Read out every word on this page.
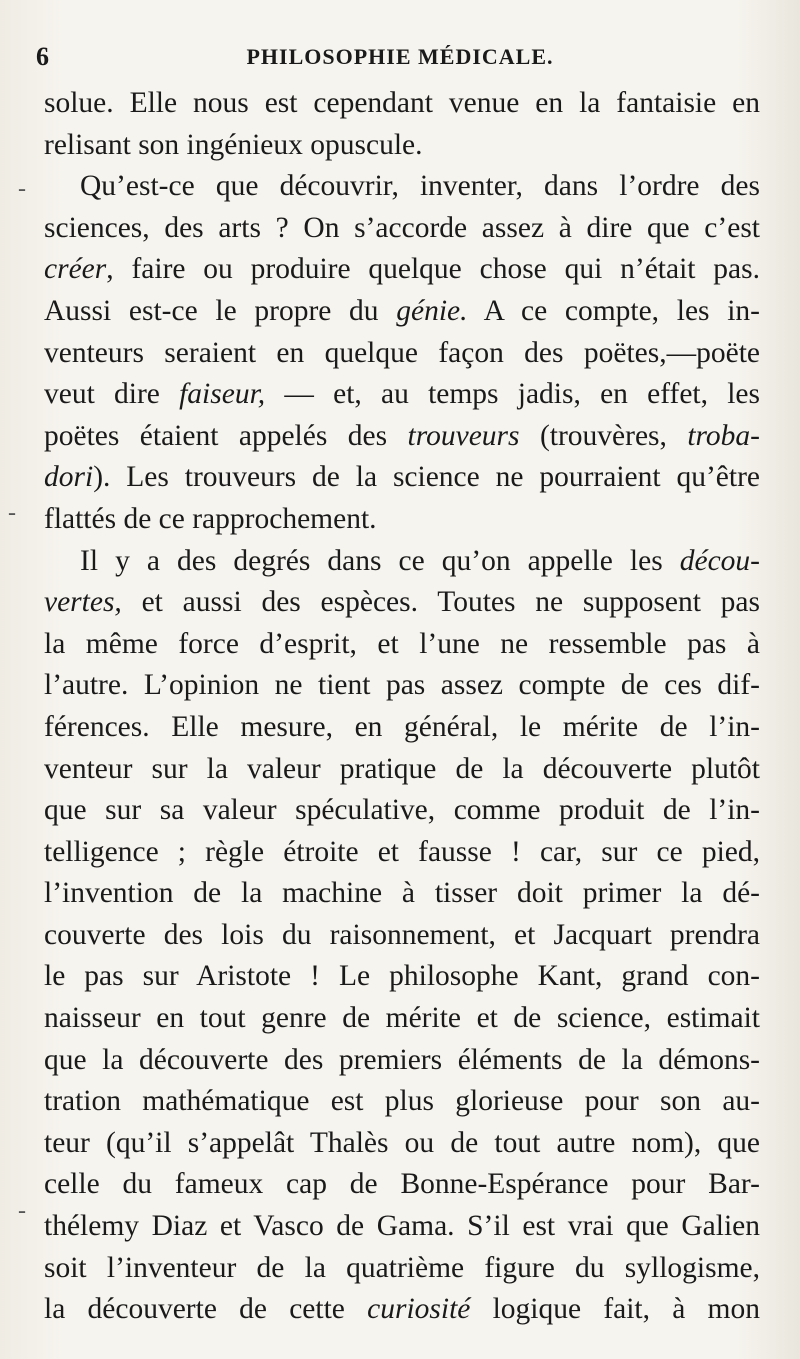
6	PHILOSOPHIE MÉDICALE.
-
-
-
solue. Elle nous est cependant venue en la fantaisie en
relisant son ingénieux opuscule.
Qu’est-ce que découvrir, inventer, dans l’ordre des
sciences, des arts ? On s’accorde assez à dire que c’est
créer, faire ou produire quelque chose qui n’était pas.
Aussi est-ce le propre du génie. A ce compte, les in-
venteurs seraient en quelque façon des poëtes,—poëte
veut dire faiseur, — et, au temps jadis, en effet, les
poëtes étaient appelés des trouveurs (trouvères, troba-
dori). Les trouveurs de la science ne pourraient qu’être
flattés de ce rapprochement.
Il y a des degrés dans ce qu’on appelle les décou-
vertes, et aussi des espèces. Toutes ne supposent pas
la même force d’esprit, et l’une ne ressemble pas à
l’autre. L’opinion ne tient pas assez compte de ces dif-
férences. Elle mesure, en général, le mérite de l’in-
venteur sur la valeur pratique de la découverte plutôt
que sur sa valeur spéculative, comme produit de l’in-
telligence ; règle étroite et fausse ! car, sur ce pied,
l’invention de la machine à tisser doit primer la dé-
couverte des lois du raisonnement, et Jacquart prendra
le pas sur Aristote ! Le philosophe Kant, grand con-
naisseur en tout genre de mérite et de science, estimait
que la découverte des premiers éléments de la démons-
tration mathématique est plus glorieuse pour son au-
teur (qu’il s’appelât Thalès ou de tout autre nom), que
celle du fameux cap de Bonne-Espérance pour Bar-
thélemy Diaz et Vasco de Gama. S’il est vrai que Galien
soit l’inventeur de la quatrième figure du syllogisme,
la découverte de cette curiosité logique fait, à mon
